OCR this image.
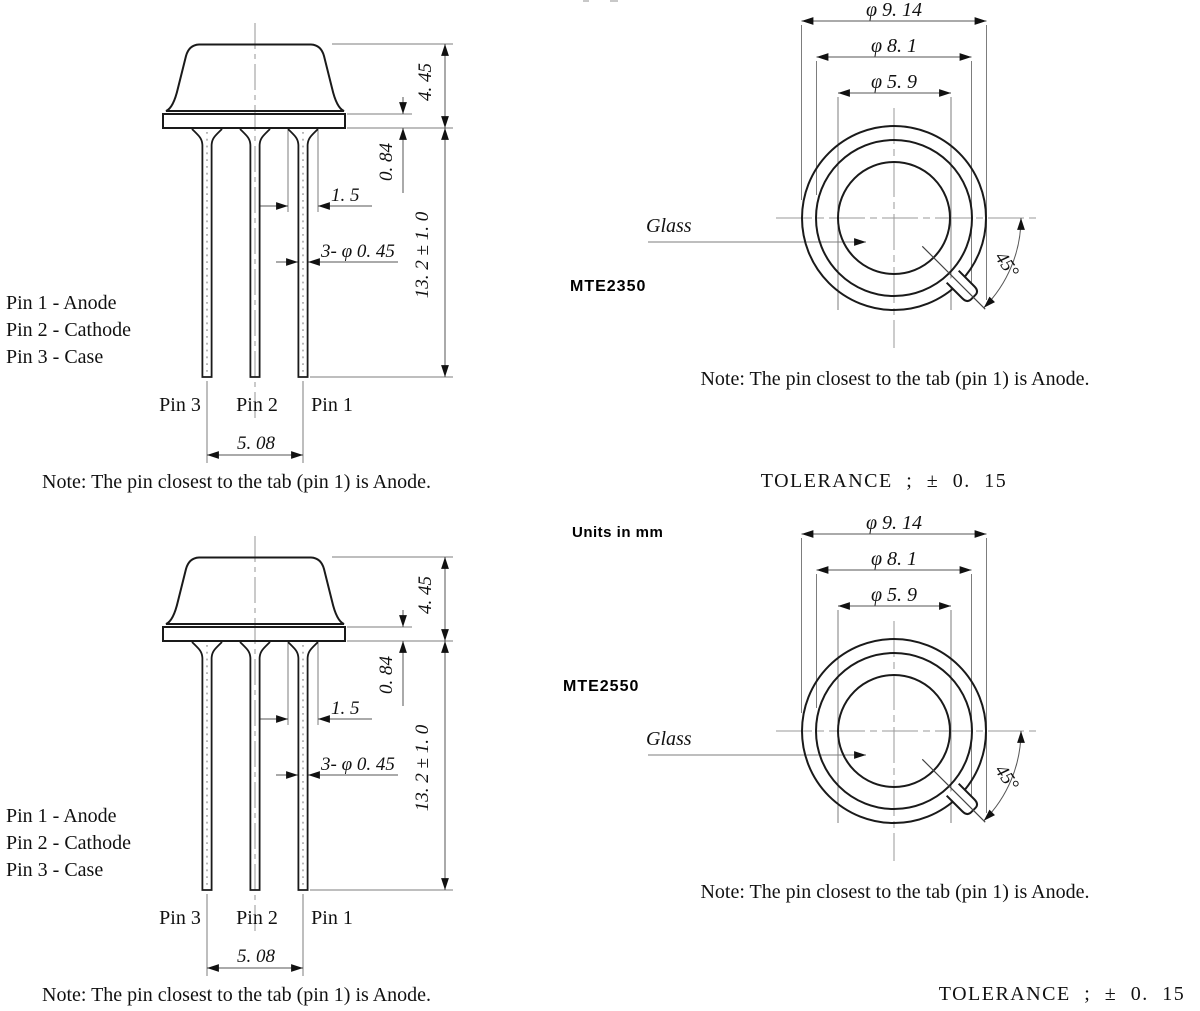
4. 45
0. 84
1. 5
3- φ 0. 45 13. 2 ± 1. 0
5. 08
Pin 3 Pin 2 Pin 1
Pin 1 - Anode
Pin 2 - Cathode
Pin 3 - Case
Note: The pin closest to the tab (pin 1) is Anode.
φ 9. 14
φ 8. 1
φ 5. 9
Glass
45°
Note: The pin closest to the tab (pin 1) is Anode.
TOLERANCE ; ± 0. 15
TOLERANCE ; ± 0. 15
MTE2350
Units in mm
MTE2550
